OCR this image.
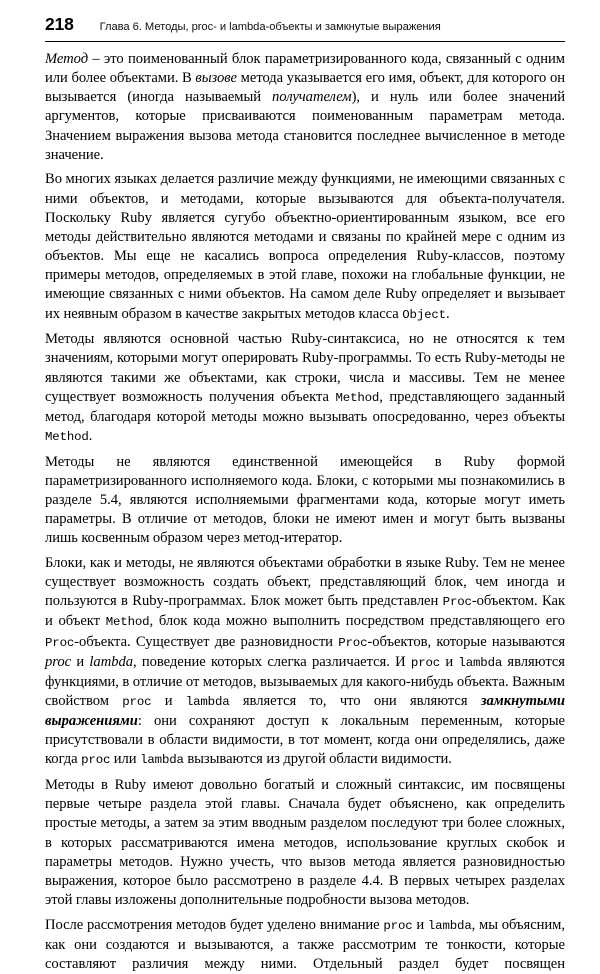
218 Глава 6. Методы, proc- и lambda-объекты и замкнутые выражения

Метод – это поименованный блок параметризированного кода, связанный с одним или более объектами. В вызове метода указывается его имя, объект, для которого он вызывается (иногда называемый получателем), и нуль или более значений аргументов, которые присваиваются поименованным параметрам метода. Значением выражения вызова метода становится последнее вычисленное в методе значение.

Во многих языках делается различие между функциями, не имеющими связанных с ними объектов, и методами, которые вызываются для объекта-получателя. Поскольку Ruby является сугубо объектно-ориентированным языком, все его методы действительно являются методами и связаны по крайней мере с одним из объектов. Мы еще не касались вопроса определения Ruby-классов, поэтому примеры методов, определяемых в этой главе, похожи на глобальные функции, не имеющие связанных с ними объектов. На самом деле Ruby определяет и вызывает их неявным образом в качестве закрытых методов класса Object.

Методы являются основной частью Ruby-синтаксиса, но не относятся к тем значениям, которыми могут оперировать Ruby-программы. То есть Ruby-методы не являются такими же объектами, как строки, числа и массивы. Тем не менее существует возможность получения объекта Method, представляющего заданный метод, благодаря которой методы можно вызывать опосредованно, через объекты Method.

Методы не являются единственной имеющейся в Ruby формой параметризированного исполняемого кода. Блоки, с которыми мы познакомились в разделе 5.4, являются исполняемыми фрагментами кода, которые могут иметь параметры. В отличие от методов, блоки не имеют имен и могут быть вызваны лишь косвенным образом через метод-итератор.

Блоки, как и методы, не являются объектами обработки в языке Ruby. Тем не менее существует возможность создать объект, представляющий блок, чем иногда и пользуются в Ruby-программах. Блок может быть представлен Proc-объектом. Как и объект Method, блок кода можно выполнить посредством представляющего его Proc-объекта. Существует две разновидности Proc-объектов, которые называются proc и lambda, поведение которых слегка различается. И proc и lambda являются функциями, в отличие от методов, вызываемых для какого-нибудь объекта. Важным свойством proc и lambda является то, что они являются замкнутыми выражениями: они сохраняют доступ к локальным переменным, которые присутствовали в области видимости, в тот момент, когда они определялись, даже когда proc или lambda вызываются из другой области видимости.

Методы в Ruby имеют довольно богатый и сложный синтаксис, им посвящены первые четыре раздела этой главы. Сначала будет объяснено, как определить простые методы, а затем за этим вводным разделом последуют три более сложных, в которых рассматриваются имена методов, использование круглых скобок и параметры методов. Нужно учесть, что вызов метода является разновидностью выражения, которое было рассмотрено в разделе 4.4. В первых четырех разделах этой главы изложены дополнительные подробности вызова методов.

После рассмотрения методов будет уделено внимание proc и lambda, мы объясним, как они создаются и вызываются, а также рассмотрим те тонкости, которые составляют различия между ними. Отдельный раздел будет посвящен
